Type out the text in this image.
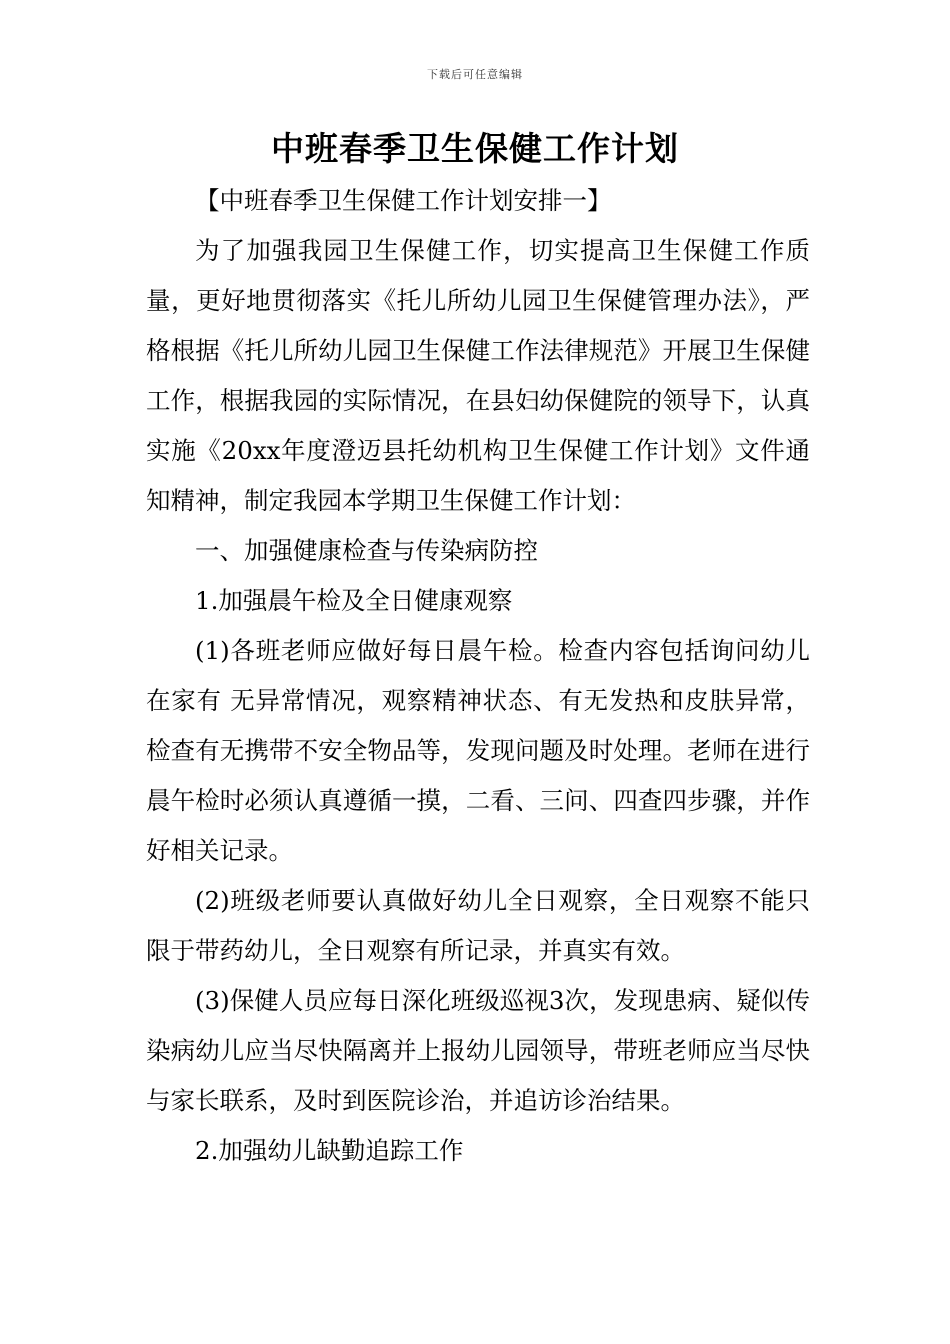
下载后可任意编辑
中班春季卫生保健工作计划

【中班春季卫生保健工作计划安排一】

为了加强我园卫生保健工作，切实提高卫生保健工作质量，更好地贯彻落实《托儿所幼儿园卫生保健管理办法》，严格根据《托儿所幼儿园卫生保健工作法律规范》开展卫生保健工作，根据我园的实际情况，在县妇幼保健院的领导下，认真实施《20xx年度澄迈县托幼机构卫生保健工作计划》文件通知精神，制定我园本学期卫生保健工作计划：

一、加强健康检查与传染病防控

1.加强晨午检及全日健康观察

(1)各班老师应做好每日晨午检。检查内容包括询问幼儿在家有 无异常情况，观察精神状态、有无发热和皮肤异常，检查有无携带不安全物品等，发现问题及时处理。老师在进行晨午检时必须认真遵循一摸，二看、三问、四查四步骤，并作好相关记录。

(2)班级老师要认真做好幼儿全日观察，全日观察不能只限于带药幼儿，全日观察有所记录，并真实有效。

(3)保健人员应每日深化班级巡视3次，发现患病、疑似传染病幼儿应当尽快隔离并上报幼儿园领导，带班老师应当尽快与家长联系，及时到医院诊治，并追访诊治结果。

2.加强幼儿缺勤追踪工作
